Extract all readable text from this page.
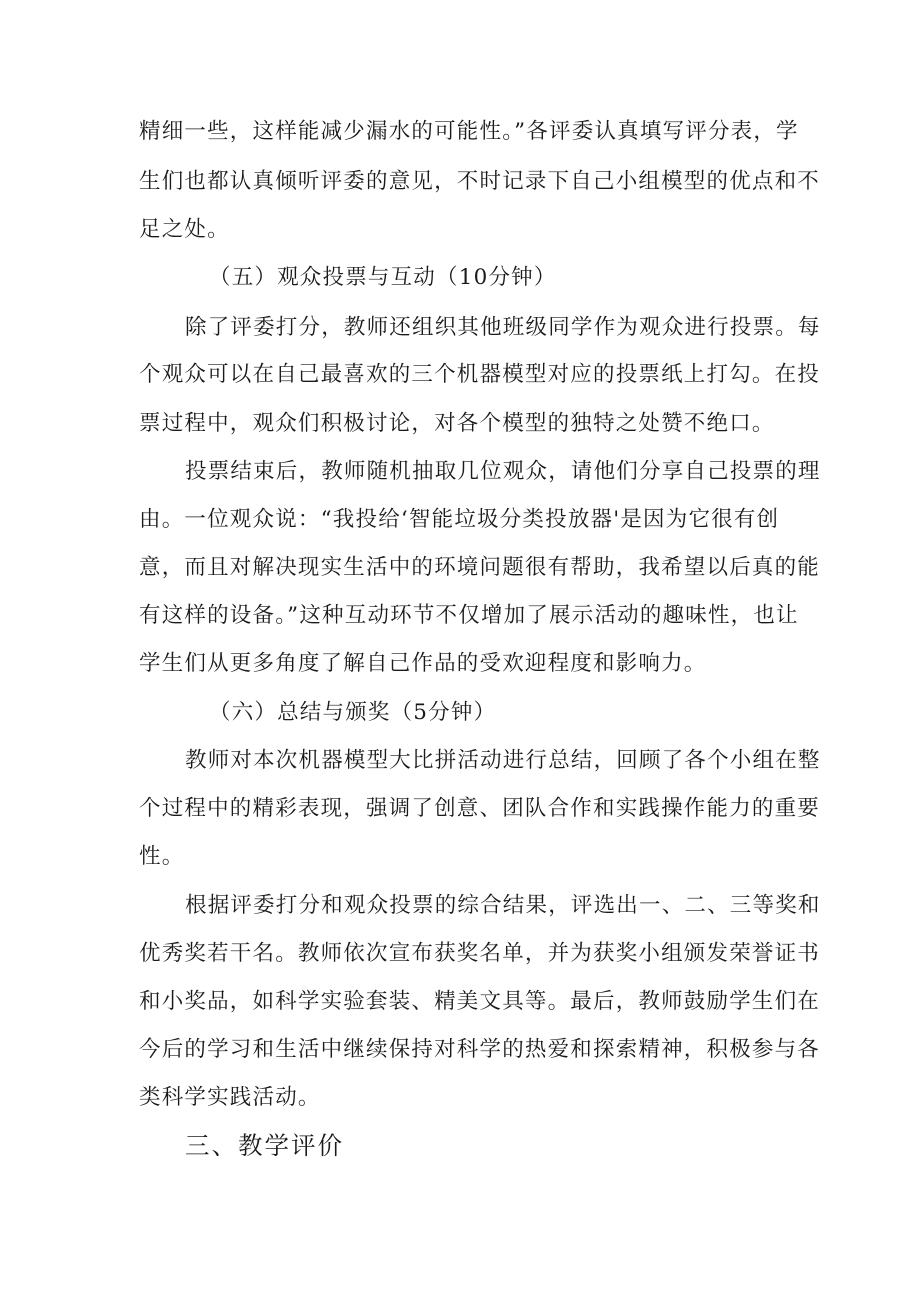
精细一些，这样能减少漏水的可能性。”各评委认真填写评分表，学
生们也都认真倾听评委的意见，不时记录下自己小组模型的优点和不
足之处。
（五）观众投票与互动（10分钟）
除了评委打分，教师还组织其他班级同学作为观众进行投票。每
个观众可以在自己最喜欢的三个机器模型对应的投票纸上打勾。在投
票过程中，观众们积极讨论，对各个模型的独特之处赞不绝口。
投票结束后，教师随机抽取几位观众，请他们分享自己投票的理
由。一位观众说：“我投给‘智能垃圾分类投放器'是因为它很有创
意，而且对解决现实生活中的环境问题很有帮助，我希望以后真的能
有这样的设备。”这种互动环节不仅增加了展示活动的趣味性，也让
学生们从更多角度了解自己作品的受欢迎程度和影响力。
（六）总结与颁奖（5分钟）
教师对本次机器模型大比拼活动进行总结，回顾了各个小组在整
个过程中的精彩表现，强调了创意、团队合作和实践操作能力的重要
性。
根据评委打分和观众投票的综合结果，评选出一、二、三等奖和
优秀奖若干名。教师依次宣布获奖名单，并为获奖小组颁发荣誉证书
和小奖品，如科学实验套装、精美文具等。最后，教师鼓励学生们在
今后的学习和生活中继续保持对科学的热爱和探索精神，积极参与各
类科学实践活动。
三、教学评价
